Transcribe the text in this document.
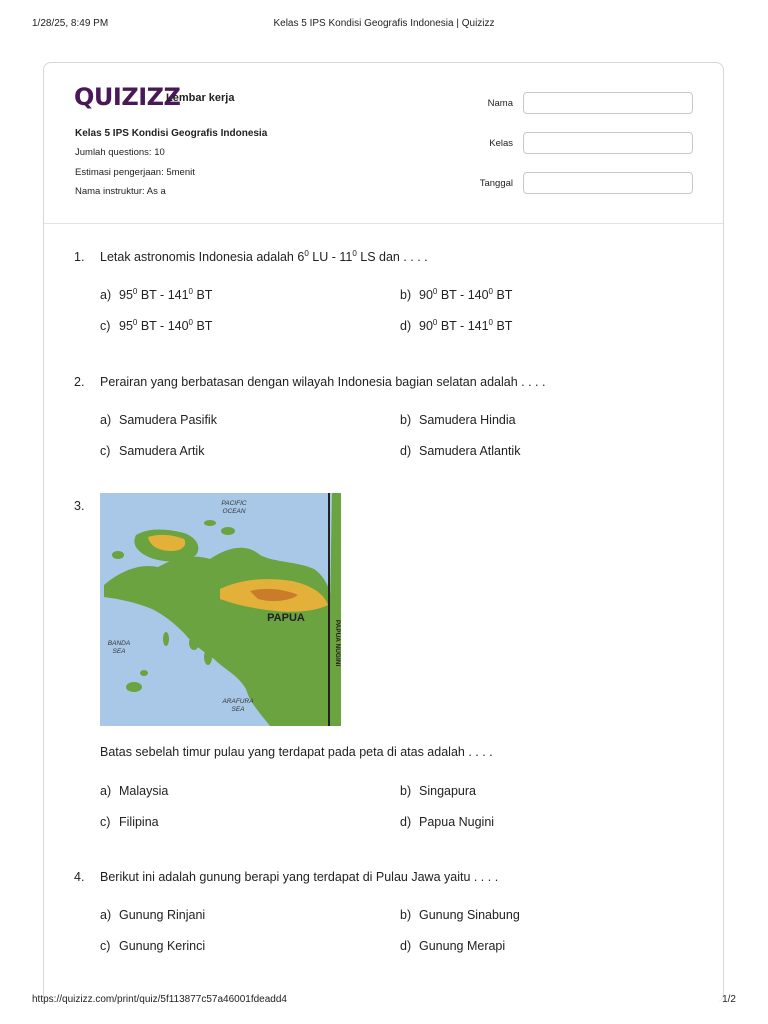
1/28/25, 8:49 PM	Kelas 5 IPS Kondisi Geografis Indonesia | Quizizz
QUIZIZZ
Lembar kerja
Kelas 5 IPS Kondisi Geografis Indonesia
Jumlah questions: 10
Estimasi pengerjaan: 5menit
Nama instruktur: As a
Nama
Kelas
Tanggal
1.	Letak astronomis Indonesia adalah $6^0$ LU - $11^0$ LS dan . . . .
a) $95^0$ BT - $141^0$ BT	b) $90^0$ BT - $140^0$ BT
c) $95^0$ BT - $140^0$ BT	d) $90^0$ BT - $141^0$ BT
2.	Perairan yang berbatasan dengan wilayah Indonesia bagian selatan adalah . . . .
a) Samudera Pasifik	b) Samudera Hindia
c) Samudera Artik	d) Samudera Atlantik
3.	PACIFIC OCEAN
BANDA SEA
ARAFURA SEA
PAPUA
PAPUA NUGINI
Batas sebelah timur pulau yang terdapat pada peta di atas adalah . . . .
a) Malaysia	b) Singapura
c) Filipina	d) Papua Nugini
4.	Berikut ini adalah gunung berapi yang terdapat di Pulau Jawa yaitu . . . .
a) Gunung Rinjani	b) Gunung Sinabung
c) Gunung Kerinci	d) Gunung Merapi
https://quizizz.com/print/quiz/5f113877c57a46001fdeadd4	1/2
